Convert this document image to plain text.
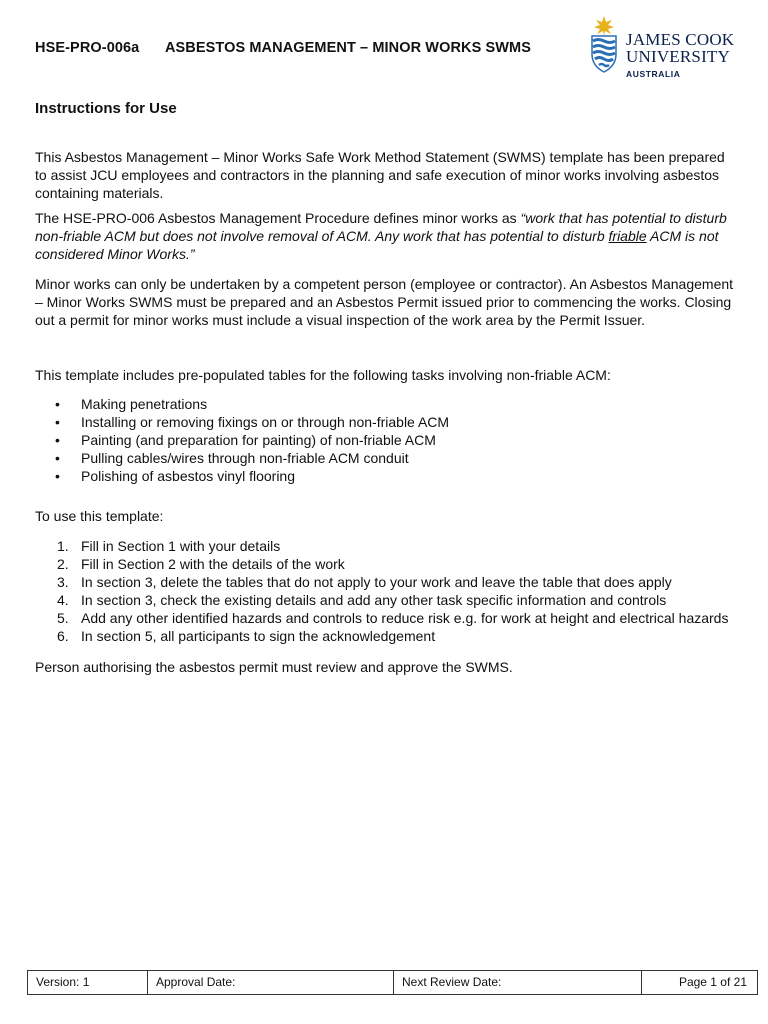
HSE-PRO-006a ASBESTOS MANAGEMENT – MINOR WORKS SWMS	JAMES COOK
UNIVERSITY
AUSTRALIA
Instructions for Use

This Asbestos Management – Minor Works Safe Work Method Statement (SWMS) template has been prepared to assist JCU employees and contractors in the planning and safe execution of minor works involving asbestos containing materials.

The HSE-PRO-006 Asbestos Management Procedure defines minor works as “work that has potential to disturb non-friable ACM but does not involve removal of ACM. Any work that has potential to disturb friable ACM is not considered Minor Works.”

Minor works can only be undertaken by a competent person (employee or contractor). An Asbestos Management – Minor Works SWMS must be prepared and an Asbestos Permit issued prior to commencing the works. Closing out a permit for minor works must include a visual inspection of the work area by the Permit Issuer.

This template includes pre-populated tables for the following tasks involving non-friable ACM:

• Making penetrations
• Installing or removing fixings on or through non-friable ACM
• Painting (and preparation for painting) of non-friable ACM
• Pulling cables/wires through non-friable ACM conduit
• Polishing of asbestos vinyl flooring

To use this template:

1. Fill in Section 1 with your details
2. Fill in Section 2 with the details of the work
3. In section 3, delete the tables that do not apply to your work and leave the table that does apply
4. In section 3, check the existing details and add any other task specific information and controls
5. Add any other identified hazards and controls to reduce risk e.g. for work at height and electrical hazards
6. In section 5, all participants to sign the acknowledgement

Person authorising the asbestos permit must review and approve the SWMS.

Version: 1	Approval Date:	Next Review Date:	Page 1 of 21
